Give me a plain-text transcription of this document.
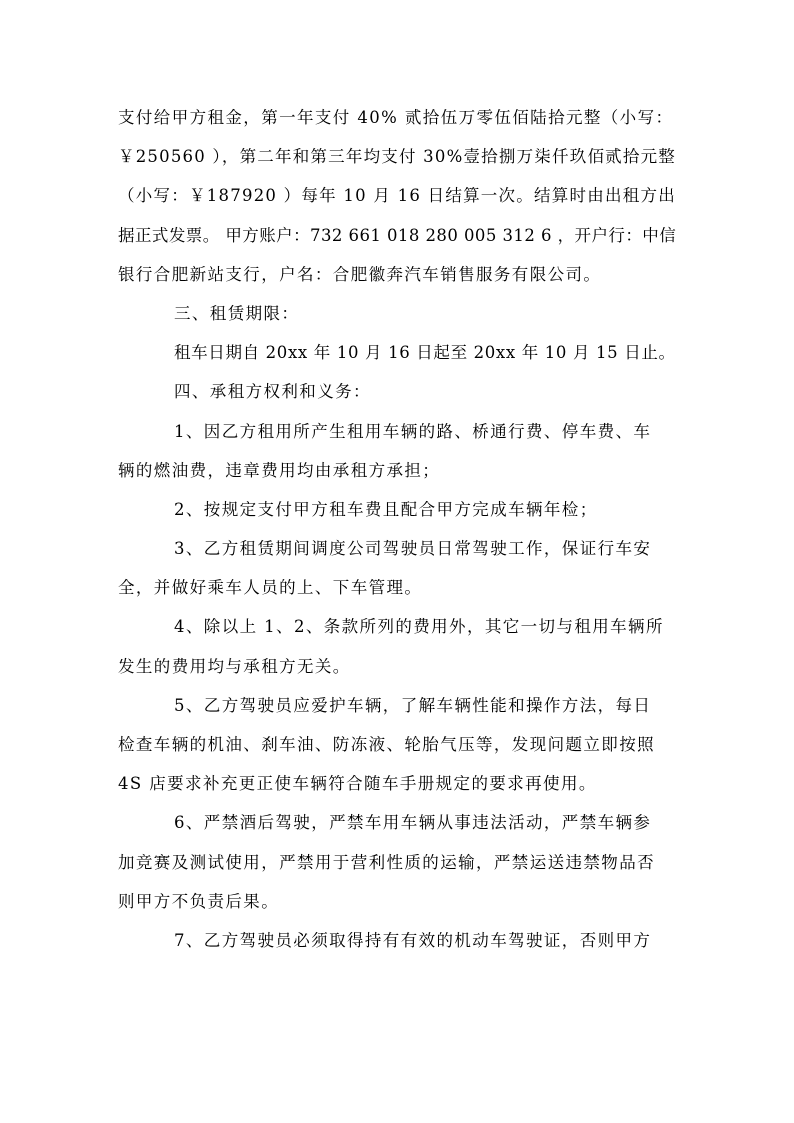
支付给甲方租金，第一年支付 40% 贰拾伍万零伍佰陆拾元整（小写：
￥250560 ），第二年和第三年均支付 30%壹拾捌万柒仟玖佰贰拾元整
（小写：￥187920 ）每年 10 月 16 日结算一次。结算时由出租方出
据正式发票。 甲方账户：732 661 018 280 005 312 6 ，开户行：中信
银行合肥新站支行，户名：合肥徽奔汽车销售服务有限公司。

三、租赁期限：

租车日期自 20xx 年 10 月 16 日起至 20xx 年 10 月 15 日止。

四、承租方权利和义务：

1、因乙方租用所产生租用车辆的路、桥通行费、停车费、车
辆的燃油费，违章费用均由承租方承担；

2、按规定支付甲方租车费且配合甲方完成车辆年检；

3、乙方租赁期间调度公司驾驶员日常驾驶工作，保证行车安
全，并做好乘车人员的上、下车管理。

4、除以上 1、2、条款所列的费用外，其它一切与租用车辆所
发生的费用均与承租方无关。

5、乙方驾驶员应爱护车辆，了解车辆性能和操作方法，每日
检查车辆的机油、刹车油、防冻液、轮胎气压等，发现问题立即按照
4S 店要求补充更正使车辆符合随车手册规定的要求再使用。

6、严禁酒后驾驶，严禁车用车辆从事违法活动，严禁车辆参
加竞赛及测试使用，严禁用于营利性质的运输，严禁运送违禁物品否
则甲方不负责后果。

7、乙方驾驶员必须取得持有有效的机动车驾驶证，否则甲方
